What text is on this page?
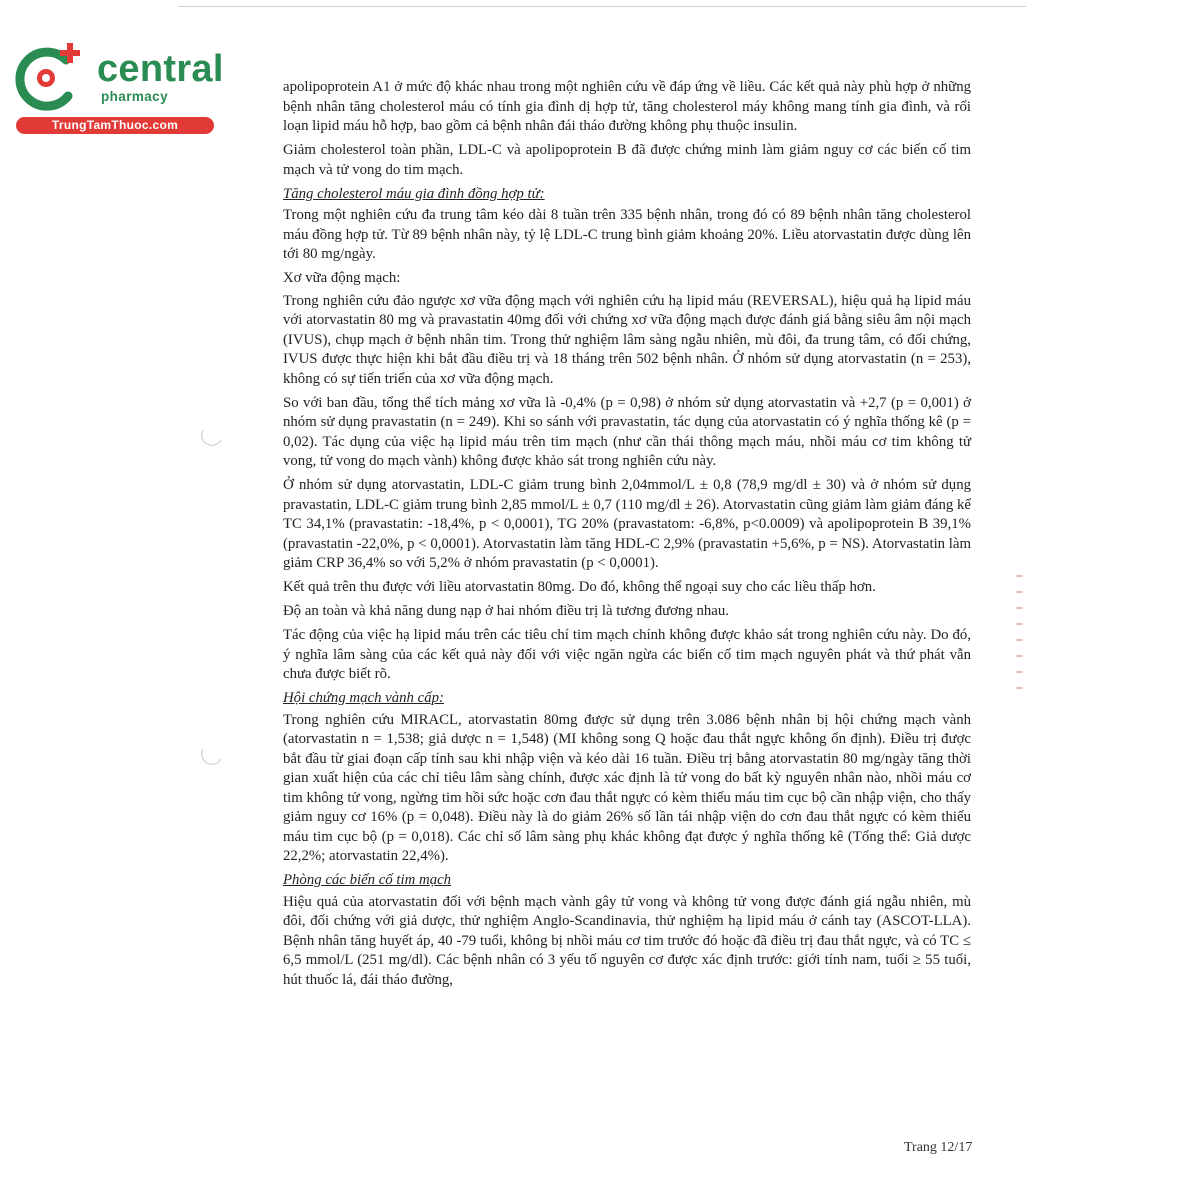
central
pharmacy
TrungTamThuoc.com

apolipoprotein A1 ở mức độ khác nhau trong một nghiên cứu về đáp ứng về liều. Các kết quả này phù hợp ở những bệnh nhân tăng cholesterol máu có tính gia đình dị hợp tử, tăng cholesterol máy không mang tính gia đình, và rối loạn lipid máu hỗ hợp, bao gồm cả bệnh nhân đái tháo đường không phụ thuộc insulin.

Giảm cholesterol toàn phần, LDL-C và apolipoprotein B đã được chứng minh làm giảm nguy cơ các biến cố tim mạch và tử vong do tim mạch.

Tăng cholesterol máu gia đình đồng hợp tử:

Trong một nghiên cứu đa trung tâm kéo dài 8 tuần trên 335 bệnh nhân, trong đó có 89 bệnh nhân tăng cholesterol máu đồng hợp tử. Từ 89 bệnh nhân này, tỷ lệ LDL-C trung bình giảm khoảng 20%. Liều atorvastatin được dùng lên tới 80 mg/ngày.

Xơ vữa động mạch:

Trong nghiên cứu đảo ngược xơ vữa động mạch với nghiên cứu hạ lipid máu (REVERSAL), hiệu quả hạ lipid máu với atorvastatin 80 mg và pravastatin 40mg đối với chứng xơ vữa động mạch được đánh giá bằng siêu âm nội mạch (IVUS), chụp mạch ở bệnh nhân tim. Trong thử nghiệm lâm sàng ngẫu nhiên, mù đôi, đa trung tâm, có đối chứng, IVUS được thực hiện khi bắt đầu điều trị và 18 tháng trên 502 bệnh nhân. Ở nhóm sử dụng atorvastatin (n = 253), không có sự tiến triển của xơ vữa động mạch.

So với ban đầu, tổng thể tích mảng xơ vữa là -0,4% (p = 0,98) ở nhóm sử dụng atorvastatin và +2,7 (p = 0,001) ở nhóm sử dụng pravastatin (n = 249). Khi so sánh với pravastatin, tác dụng của atorvastatin có ý nghĩa thống kê (p = 0,02). Tác dụng của việc hạ lipid máu trên tim mạch (như cần thái thông mạch máu, nhồi máu cơ tim không tử vong, tử vong do mạch vành) không được khảo sát trong nghiên cứu này.

Ở nhóm sử dụng atorvastatin, LDL-C giảm trung bình 2,04mmol/L ± 0,8 (78,9 mg/dl ± 30) và ở nhóm sử dụng pravastatin, LDL-C giảm trung bình 2,85 mmol/L ± 0,7 (110 mg/dl ± 26). Atorvastatin cũng giảm làm giảm đáng kể TC 34,1% (pravastatin: -18,4%, p < 0,0001), TG 20% (pravastatom: -6,8%, p<0.0009) và apolipoprotein B 39,1% (pravastatin -22,0%, p < 0,0001). Atorvastatin làm tăng HDL-C 2,9% (pravastatin +5,6%, p = NS). Atorvastatin làm giảm CRP 36,4% so với 5,2% ở nhóm pravastatin (p < 0,0001).

Kết quả trên thu được với liều atorvastatin 80mg. Do đó, không thể ngoại suy cho các liều thấp hơn.

Độ an toàn và khả năng dung nạp ở hai nhóm điều trị là tương đương nhau.

Tác động của việc hạ lipid máu trên các tiêu chí tim mạch chính không được khảo sát trong nghiên cứu này. Do đó, ý nghĩa lâm sàng của các kết quả này đối với việc ngăn ngừa các biến cố tim mạch nguyên phát và thứ phát vẫn chưa được biết rõ.

Hội chứng mạch vành cấp:

Trong nghiên cứu MIRACL, atorvastatin 80mg được sử dụng trên 3.086 bệnh nhân bị hội chứng mạch vành (atorvastatin n = 1,538; giả dược n = 1,548) (MI không song Q hoặc đau thắt ngực không ổn định). Điều trị được bắt đầu từ giai đoạn cấp tính sau khi nhập viện và kéo dài 16 tuần. Điều trị bằng atorvastatin 80 mg/ngày tăng thời gian xuất hiện của các chỉ tiêu lâm sàng chính, được xác định là tử vong do bất kỳ nguyên nhân nào, nhồi máu cơ tim không tử vong, ngừng tim hồi sức hoặc cơn đau thắt ngực có kèm thiếu máu tim cục bộ cần nhập viện, cho thấy giảm nguy cơ 16% (p = 0,048). Điều này là do giảm 26% số lần tái nhập viện do cơn đau thắt ngực có kèm thiếu máu tim cục bộ (p = 0,018). Các chỉ số lâm sàng phụ khác không đạt được ý nghĩa thống kê (Tổng thể: Giả dược 22,2%; atorvastatin 22,4%).

Phòng các biến cố tim mạch

Hiệu quả của atorvastatin đối với bệnh mạch vành gây tử vong và không tử vong được đánh giá ngẫu nhiên, mù đôi, đối chứng với giả dược, thử nghiệm Anglo-Scandinavia, thử nghiệm hạ lipid máu ở cánh tay (ASCOT-LLA). Bệnh nhân tăng huyết áp, 40 -79 tuổi, không bị nhồi máu cơ tim trước đó hoặc đã điều trị đau thắt ngực, và có TC ≤ 6,5 mmol/L (251 mg/dl). Các bệnh nhân có 3 yếu tố nguyên cơ được xác định trước: giới tính nam, tuổi ≥ 55 tuổi, hút thuốc lá, đái tháo đường,

Trang 12/17
